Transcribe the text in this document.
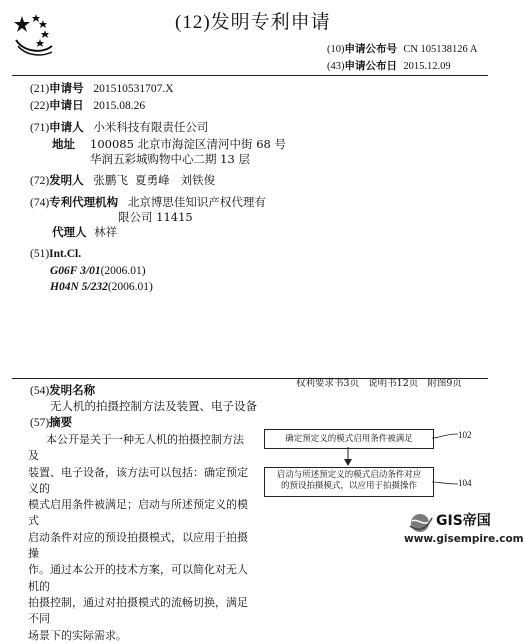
(12)发明专利申请
(10)申请公布号 CN 105138126 A
(43)申请公布日 2015.12.09
(21)申请号 201510531707.X
(22)申请日 2015.08.26
(71)申请人 小米科技有限责任公司
地址 100085 北京市海淀区清河中街 68 号
华润五彩城购物中心二期 13 层
(72)发明人 张鹏飞  夏勇峰   刘铁俊
(74)专利代理机构 北京博思佳知识产权代理有
限公司 11415
代理人 林祥
(51)Int.Cl.
G06F 3/01(2006.01)
H04N 5/232(2006.01)

权利要求书3页 说明书12页 附图9页

(54)发明名称
无人机的拍摄控制方法及装置、电子设备
(57)摘要
本公开是关于一种无人机的拍摄控制方法及
装置、电子设备，该方法可以包括：确定预定义的
模式启用条件被满足；启动与所述预定义的模式
启动条件对应的预设拍摄模式，以应用于拍摄操
作。通过本公开的技术方案，可以简化对无人机的
拍摄控制，通过对拍摄模式的流畅切换，满足不同
场景下的实际需求。
确定预定义的模式启用条件被满足	102
启动与所述预定义的模式启动条件对应
的预设拍摄模式，以应用于拍摄操作	104
GIS帝国
www.gisempire.com
